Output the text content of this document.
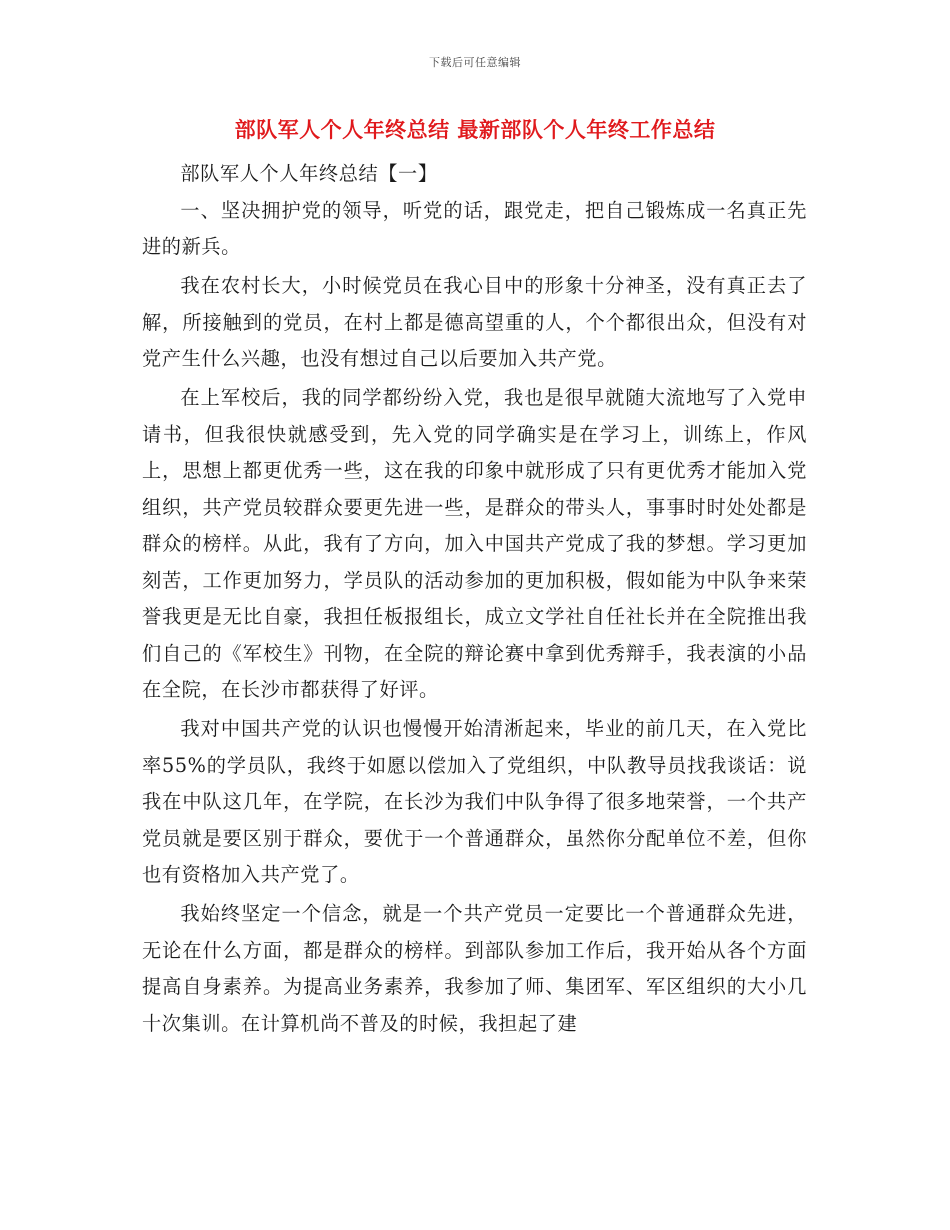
下载后可任意编辑
部队军人个人年终总结 最新部队个人年终工作总结

部队军人个人年终总结【一】

一、坚决拥护党的领导，听党的话，跟党走，把自己锻炼成一名真正先进的新兵。

我在农村长大，小时候党员在我心目中的形象十分神圣，没有真正去了解，所接触到的党员，在村上都是德高望重的人，个个都很出众，但没有对党产生什么兴趣，也没有想过自己以后要加入共产党。

在上军校后，我的同学都纷纷入党，我也是很早就随大流地写了入党申请书，但我很快就感受到，先入党的同学确实是在学习上，训练上，作风上，思想上都更优秀一些，这在我的印象中就形成了只有更优秀才能加入党组织，共产党员较群众要更先进一些，是群众的带头人，事事时时处处都是群众的榜样。从此，我有了方向，加入中国共产党成了我的梦想。学习更加刻苦，工作更加努力，学员队的活动参加的更加积极，假如能为中队争来荣誉我更是无比自豪，我担任板报组长，成立文学社自任社长并在全院推出我们自己的《军校生》刊物，在全院的辩论赛中拿到优秀辩手，我表演的小品在全院，在长沙市都获得了好评。

我对中国共产党的认识也慢慢开始清淅起来，毕业的前几天，在入党比率55%的学员队，我终于如愿以偿加入了党组织，中队教导员找我谈话：说我在中队这几年，在学院，在长沙为我们中队争得了很多地荣誉，一个共产党员就是要区别于群众，要优于一个普通群众，虽然你分配单位不差，但你也有资格加入共产党了。

我始终坚定一个信念，就是一个共产党员一定要比一个普通群众先进，无论在什么方面，都是群众的榜样。到部队参加工作后，我开始从各个方面提高自身素养。为提高业务素养，我参加了师、集团军、军区组织的大小几十次集训。在计算机尚不普及的时候，我担起了建
